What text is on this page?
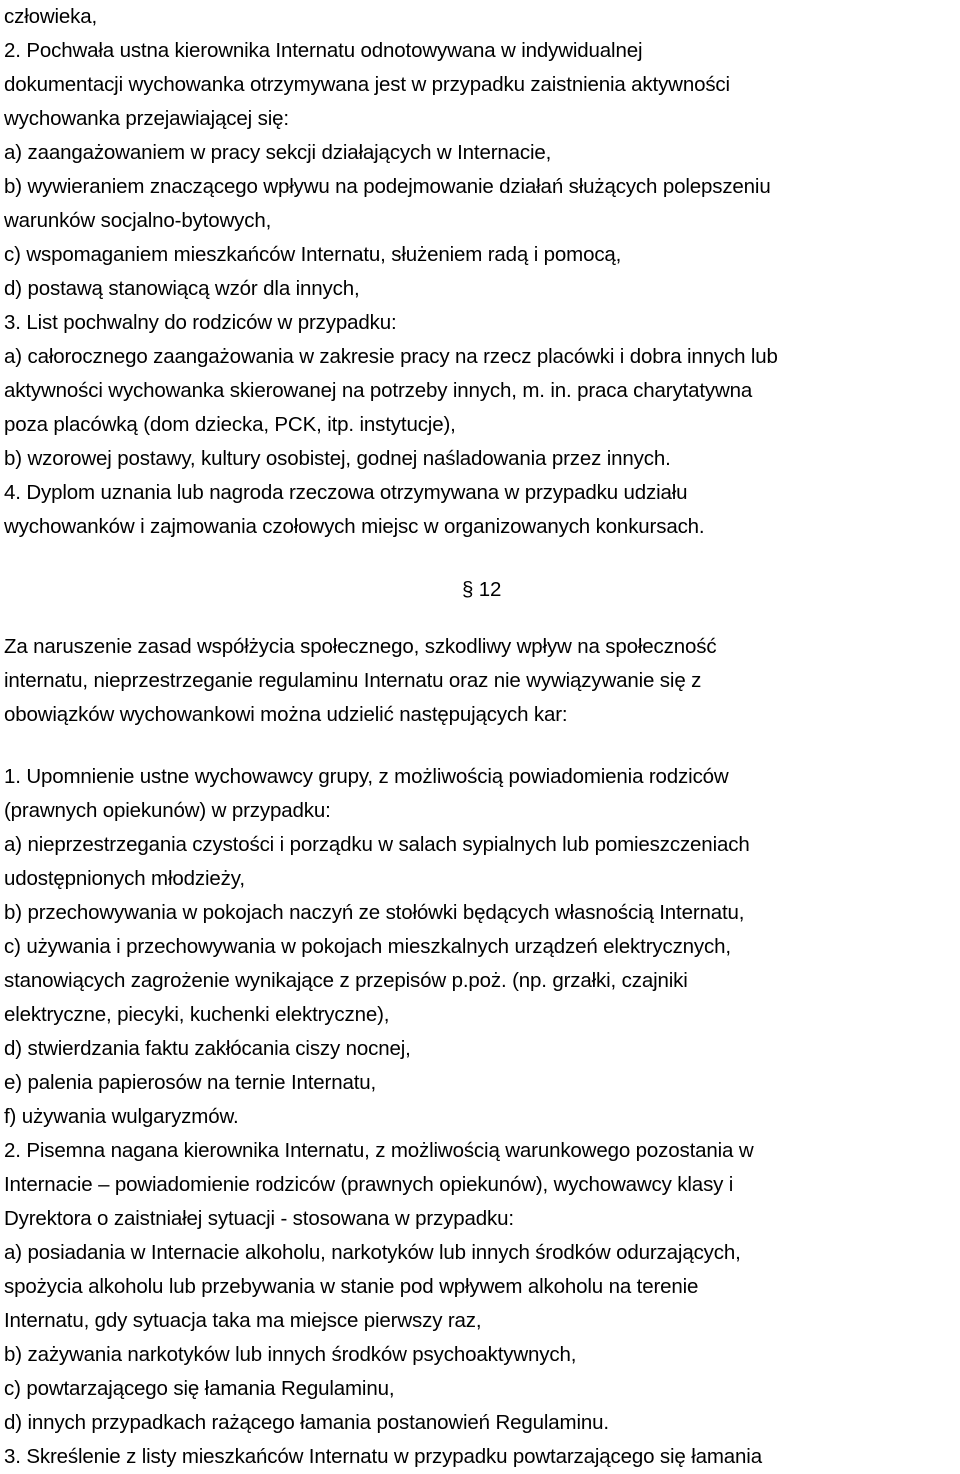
człowieka,
2. Pochwała ustna kierownika Internatu odnotowywana w indywidualnej
dokumentacji wychowanka otrzymywana jest w przypadku zaistnienia aktywności
wychowanka przejawiającej się:
a) zaangażowaniem w pracy sekcji działających w Internacie,
b) wywieraniem znaczącego wpływu na podejmowanie działań służących polepszeniu
warunków socjalno-bytowych,
c) wspomaganiem mieszkańców Internatu, służeniem radą i pomocą,
d) postawą stanowiącą wzór dla innych,
3. List pochwalny do rodziców w przypadku:
a) całorocznego zaangażowania w zakresie pracy na rzecz placówki i dobra innych lub
aktywności wychowanka skierowanej na potrzeby innych, m. in. praca charytatywna
poza placówką (dom dziecka, PCK, itp. instytucje),
b) wzorowej postawy, kultury osobistej, godnej naśladowania przez innych.
4. Dyplom uznania lub nagroda rzeczowa otrzymywana w przypadku udziału
wychowanków i zajmowania czołowych miejsc w organizowanych konkursach.
§ 12
Za naruszenie zasad współżycia społecznego, szkodliwy wpływ na społeczność
internatu, nieprzestrzeganie regulaminu Internatu oraz nie wywiązywanie się z
obowiązków wychowankowi można udzielić następujących kar:
1. Upomnienie ustne wychowawcy grupy, z możliwością powiadomienia rodziców
(prawnych opiekunów) w przypadku:
a) nieprzestrzegania czystości i porządku w salach sypialnych lub pomieszczeniach
udostępnionych młodzieży,
b) przechowywania w pokojach naczyń ze stołówki będących własnością Internatu,
c) używania i przechowywania w pokojach mieszkalnych urządzeń elektrycznych,
stanowiących zagrożenie wynikające z przepisów p.poż. (np. grzałki, czajniki
elektryczne, piecyki, kuchenki elektryczne),
d) stwierdzania faktu zakłócania ciszy nocnej,
e) palenia papierosów na ternie Internatu,
f) używania wulgaryzmów.
2. Pisemna nagana kierownika Internatu, z możliwością warunkowego pozostania w
Internacie – powiadomienie rodziców (prawnych opiekunów), wychowawcy klasy i
Dyrektora o zaistniałej sytuacji - stosowana w przypadku:
a) posiadania w Internacie alkoholu, narkotyków lub innych środków odurzających,
spożycia alkoholu lub przebywania w stanie pod wpływem alkoholu na terenie
Internatu, gdy sytuacja taka ma miejsce pierwszy raz,
b) zażywania narkotyków lub innych środków psychoaktywnych,
c) powtarzającego się łamania Regulaminu,
d) innych przypadkach rażącego łamania postanowień Regulaminu.
3. Skreślenie z listy mieszkańców Internatu w przypadku powtarzającego się łamania
